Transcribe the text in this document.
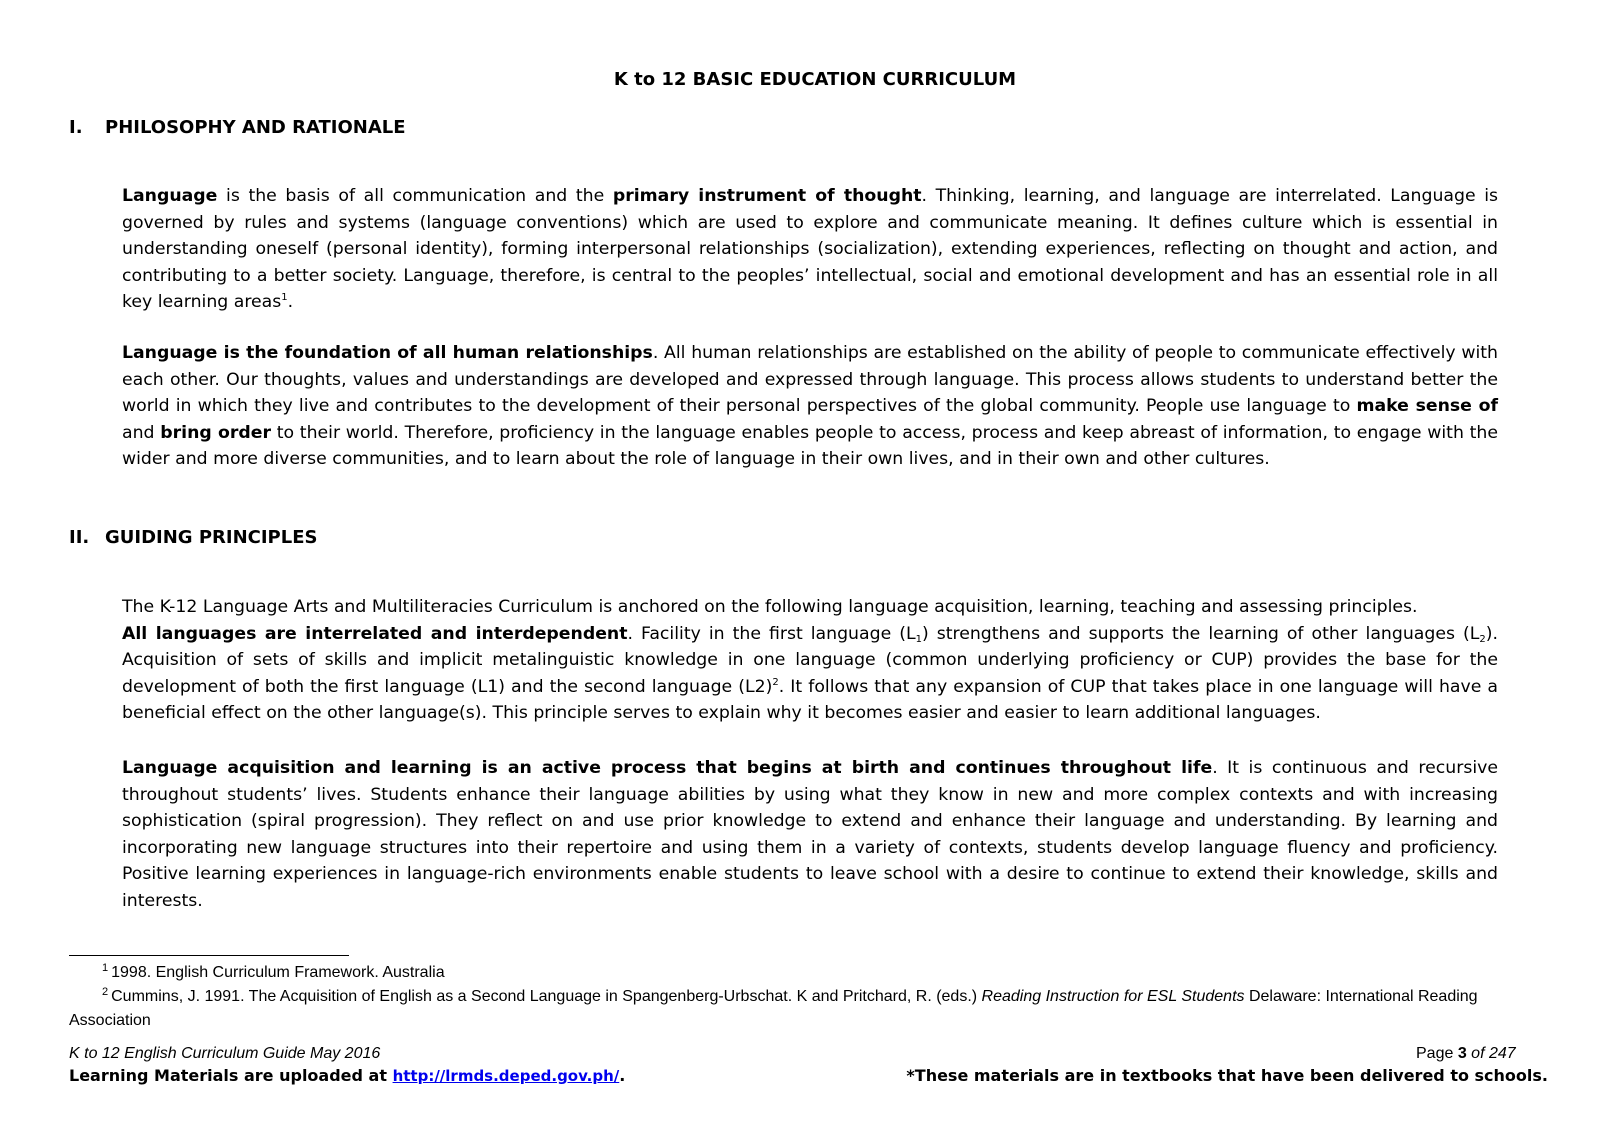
K to 12 BASIC EDUCATION CURRICULUM
I. PHILOSOPHY AND RATIONALE
Language is the basis of all communication and the primary instrument of thought. Thinking, learning, and language are interrelated. Language is governed by rules and systems (language conventions) which are used to explore and communicate meaning. It defines culture which is essential in understanding oneself (personal identity), forming interpersonal relationships (socialization), extending experiences, reflecting on thought and action, and contributing to a better society. Language, therefore, is central to the peoples’ intellectual, social and emotional development and has an essential role in all key learning areas$^1$.
Language is the foundation of all human relationships. All human relationships are established on the ability of people to communicate effectively with each other. Our thoughts, values and understandings are developed and expressed through language. This process allows students to understand better the world in which they live and contributes to the development of their personal perspectives of the global community. People use language to make sense of and bring order to their world. Therefore, proficiency in the language enables people to access, process and keep abreast of information, to engage with the wider and more diverse communities, and to learn about the role of language in their own lives, and in their own and other cultures.
II. GUIDING PRINCIPLES
The K-12 Language Arts and Multiliteracies Curriculum is anchored on the following language acquisition, learning, teaching and assessing principles.
All languages are interrelated and interdependent. Facility in the first language $(L_1)$ strengthens and supports the learning of other languages $(L_2)$. Acquisition of sets of skills and implicit metalinguistic knowledge in one language (common underlying proficiency or CUP) provides the base for the development of both the first language (L1) and the second language $(L2)^2$. It follows that any expansion of CUP that takes place in one language will have a beneficial effect on the other language(s). This principle serves to explain why it becomes easier and easier to learn additional languages.
Language acquisition and learning is an active process that begins at birth and continues throughout life. It is continuous and recursive throughout students’ lives. Students enhance their language abilities by using what they know in new and more complex contexts and with increasing sophistication (spiral progression). They reflect on and use prior knowledge to extend and enhance their language and understanding. By learning and incorporating new language structures into their repertoire and using them in a variety of contexts, students develop language fluency and proficiency. Positive learning experiences in language-rich environments enable students to leave school with a desire to continue to extend their knowledge, skills and interests.
$^1$ 1998. English Curriculum Framework. Australia
$^2$ Cummins, J. 1991. The Acquisition of English as a Second Language in Spangenberg-Urbschat. K and Pritchard, R. (eds.) Reading Instruction for ESL Students Delaware: International Reading Association
K to 12 English Curriculum Guide May 2016	Page 3 of 247
Learning Materials are uploaded at http://lrmds.deped.gov.ph/.	*These materials are in textbooks that have been delivered to schools.
